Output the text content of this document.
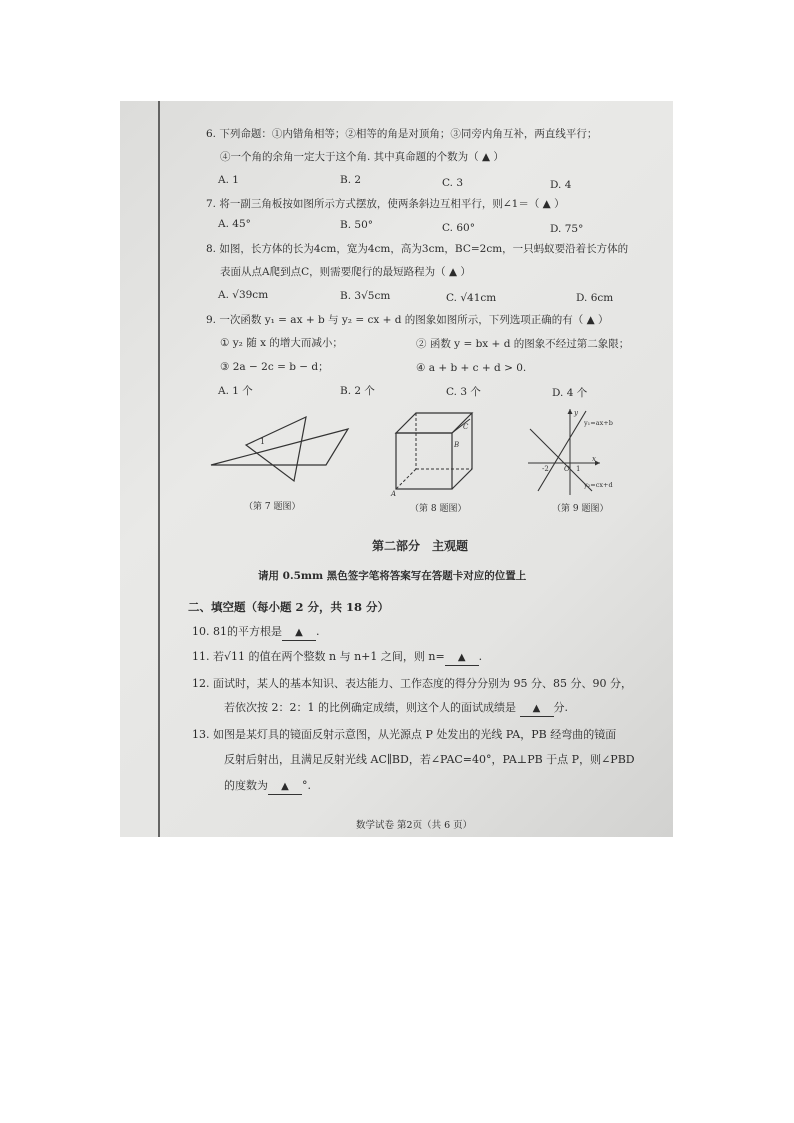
6. 下列命题：①内错角相等；②相等的角是对顶角；③同旁内角互补，两直线平行；
④一个角的余角一定大于这个角. 其中真命题的个数为（ ▲ ）
A. 1	B. 2	C. 3	D. 4
7. 将一副三角板按如图所示方式摆放，使两条斜边互相平行，则∠1＝（ ▲ ）
A. 45°	B. 50°	C. 60°	D. 75°
8. 如图，长方体的长为4cm，宽为4cm，高为3cm，BC=2cm，一只蚂蚁要沿着长方体的
表面从点A爬到点C，则需要爬行的最短路程为（ ▲ ）
A. √39cm	B. 3√5cm	C. √41cm	D. 6cm
9. 一次函数 y₁ = ax + b 与 y₂ = cx + d 的图象如图所示，下列选项正确的有（ ▲ ）
① y₂ 随 x 的增大而减小；	② 函数 y = bx + d 的图象不经过第二象限；
③ 2a − 2c = b − d；	④ a + b + c + d > 0.
A. 1 个	B. 2 个	C. 3 个	D. 4 个
1
（第 7 题图）
A
B
C
（第 8 题图）
y
x
O
-2	1
y₁=ax+b
y₂=cx+d
（第 9 题图）
第二部分　主观题
请用 0.5mm 黑色签字笔将答案写在答题卡对应的位置上
二、填空题（每小题 2 分，共 18 分）
10. 81的平方根是 ▲ .
11. 若√11 的值在两个整数 n 与 n+1 之间，则 n= ▲ .
12. 面试时，某人的基本知识、表达能力、工作态度的得分分别为 95 分、85 分、90 分，
若依次按 2：2：1 的比例确定成绩，则这个人的面试成绩是 ▲ 分.
13. 如图是某灯具的镜面反射示意图，从光源点 P 处发出的光线 PA，PB 经弯曲的镜面
反射后射出，且满足反射光线 AC∥BD，若∠PAC=40°，PA⊥PB 于点 P，则∠PBD
的度数为 ▲ °.
数学试卷 第2页（共 6 页）
